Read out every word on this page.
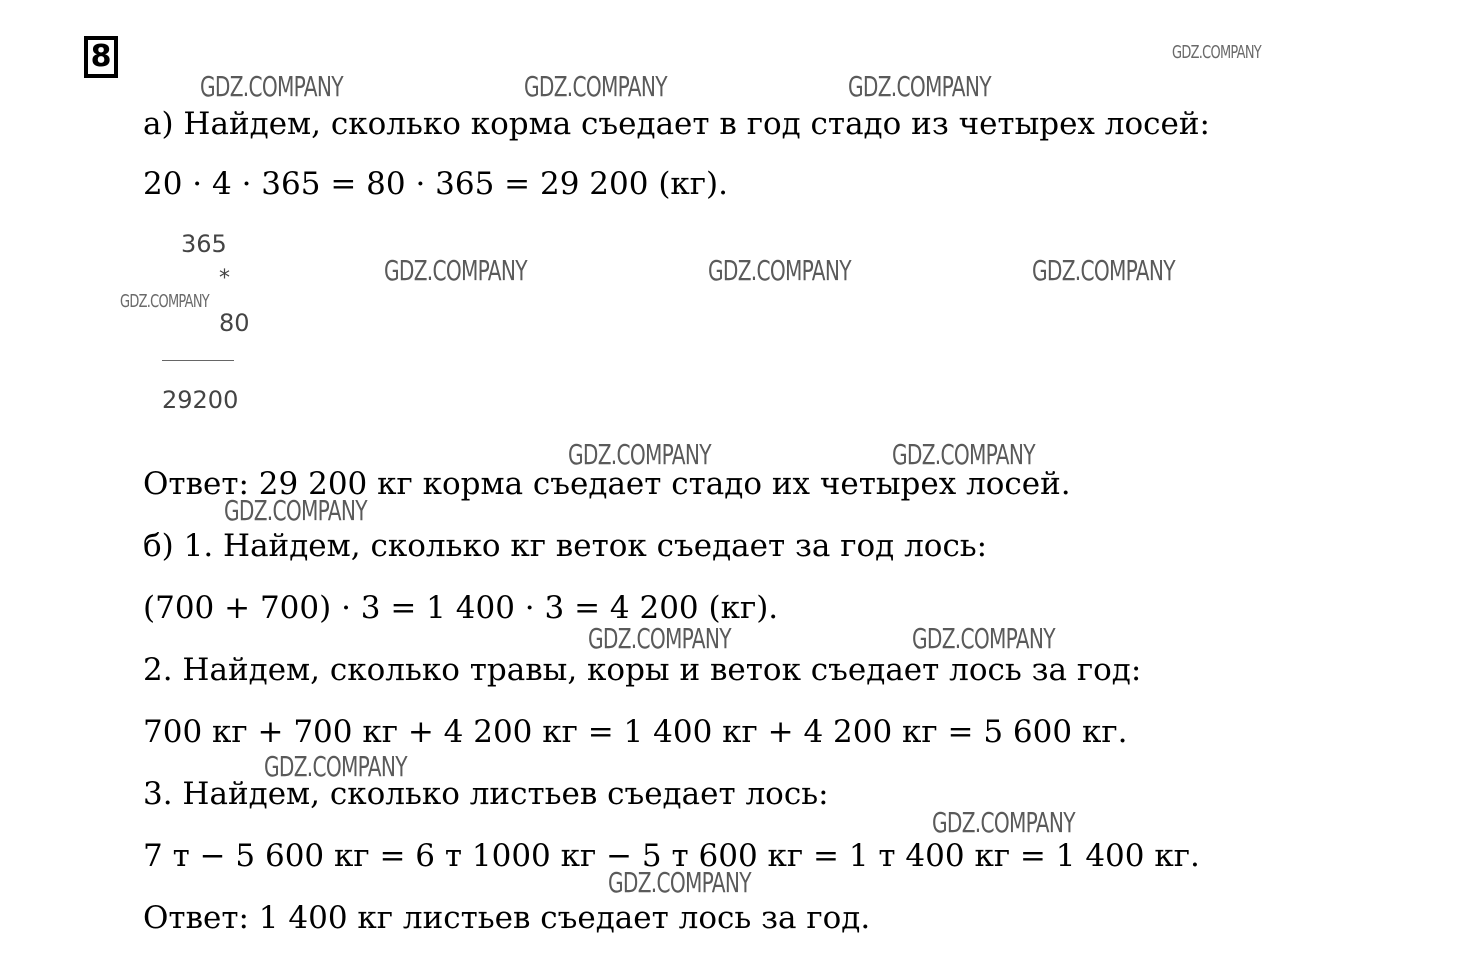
8	GDZ.COMPANY
GDZ.COMPANY	GDZ.COMPANY	GDZ.COMPANY
GDZ.COMPANY	GDZ.COMPANY	GDZ.COMPANY
GDZ.COMPANY
GDZ.COMPANY	GDZ.COMPANY
GDZ.COMPANY
GDZ.COMPANY	GDZ.COMPANY
GDZ.COMPANY
GDZ.COMPANY
GDZ.COMPANY
а) Найдем, сколько корма съедает в год стадо из четырех лосей:
20 · 4 · 365 = 80 · 365 = 29 200 (кг).
365
*
80
29200
Ответ: 29 200 кг корма съедает стадо их четырех лосей.
б) 1. Найдем, сколько кг веток съедает за год лось:
(700 + 700) · 3 = 1 400 · 3 = 4 200 (кг).
2. Найдем, сколько травы, коры и веток съедает лось за год:
700 кг + 700 кг + 4 200 кг = 1 400 кг + 4 200 кг = 5 600 кг.
3. Найдем, сколько листьев съедает лось:
7 т − 5 600 кг = 6 т 1000 кг − 5 т 600 кг = 1 т 400 кг = 1 400 кг.
Ответ: 1 400 кг листьев съедает лось за год.
